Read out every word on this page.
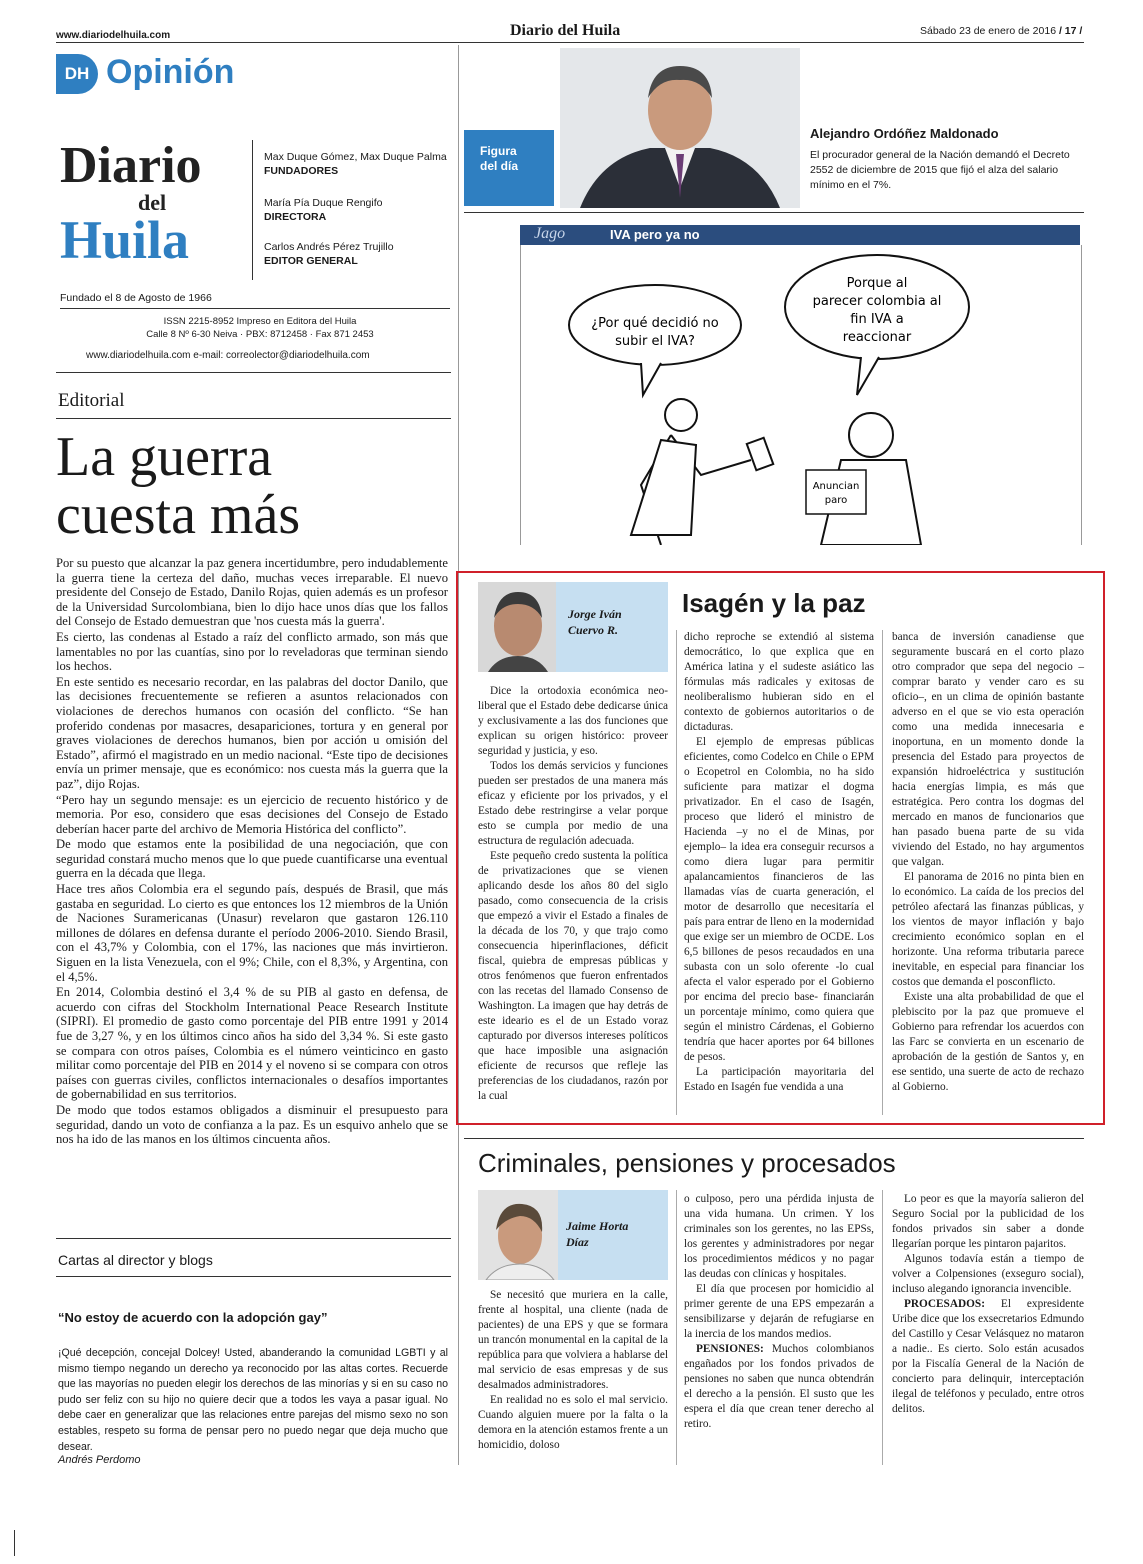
www.diariodelhuila.com	Diario del Huila	Sábado 23 de enero de 2016 / 17 /
DH Opinión
Diario
del
Huila
Max Duque Gómez, Max Duque Palma
FUNDADORES
María Pía Duque Rengifo
DIRECTORA
Carlos Andrés Pérez Trujillo
EDITOR GENERAL
Fundado el 8 de Agosto de 1966
ISSN 2215-8952 Impreso en Editora del Huila
Calle 8 Nº 6-30 Neiva · PBX: 8712458 · Fax 871 2453
www.diariodelhuila.com e-mail: correolector@diariodelhuila.com
Figura
del día
Alejandro Ordóñez Maldonado
El procurador general de la Nación demandó el Decreto 2552 de diciembre de 2015 que fijó el alza del salario mínimo en el 7%.
Jago	IVA pero ya no
¿Por qué decidió no
subir el IVA?
Porque al
parecer colombia al
fin IVA a
reaccionar
Anuncian
paro
Editorial
La guerra
cuesta más

Por su puesto que alcanzar la paz genera incertidumbre, pero indudablemente la guerra tiene la certeza del daño, muchas veces irreparable. El nuevo presidente del Consejo de Estado, Danilo Rojas, quien además es un profesor de la Universidad Surcolombiana, bien lo dijo hace unos días que los fallos del Consejo de Estado demuestran que 'nos cuesta más la guerra'.

Es cierto, las condenas al Estado a raíz del conflicto armado, son más que lamentables no por las cuantías, sino por lo reveladoras que terminan siendo los hechos.

En este sentido es necesario recordar, en las palabras del doctor Danilo, que las decisiones frecuentemente se refieren a asuntos relacionados con violaciones de derechos humanos con ocasión del conflicto. “Se han proferido condenas por masacres, desapariciones, tortura y en general por graves violaciones de derechos humanos, bien por acción u omisión del Estado”, afirmó el magistrado en un medio nacional. “Este tipo de decisiones envía un primer mensaje, que es económico: nos cuesta más la guerra que la paz”, dijo Rojas.

“Pero hay un segundo mensaje: es un ejercicio de recuento histórico y de memoria. Por eso, considero que esas decisiones del Consejo de Estado deberían hacer parte del archivo de Memoria Histórica del conflicto”.

De modo que estamos ente la posibilidad de una negociación, que con seguridad constará mucho menos que lo que puede cuantificarse una eventual guerra en la década que llega.

Hace tres años Colombia era el segundo país, después de Brasil, que más gastaba en seguridad. Lo cierto es que entonces los 12 miembros de la Unión de Naciones Suramericanas (Unasur) revelaron que gastaron 126.110 millones de dólares en defensa durante el período 2006-2010. Siendo Brasil, con el 43,7% y Colombia, con el 17%, las naciones que más invirtieron. Siguen en la lista Venezuela, con el 9%; Chile, con el 8,3%, y Argentina, con el 4,5%.

En 2014, Colombia destinó el 3,4 % de su PIB al gasto en defensa, de acuerdo con cifras del Stockholm International Peace Research Institute (SIPRI). El promedio de gasto como porcentaje del PIB entre 1991 y 2014 fue de 3,27 %, y en los últimos cinco años ha sido del 3,34 %. Si este gasto se compara con otros países, Colombia es el número veinticinco en gasto militar como porcentaje del PIB en 2014 y el noveno si se compara con otros países con guerras civiles, conflictos internacionales o desafíos importantes de gobernabilidad en sus territorios.

De modo que todos estamos obligados a disminuir el presupuesto para seguridad, dando un voto de confianza a la paz. Es un esquivo anhelo que se nos ha ido de las manos en los últimos cincuenta años.

Cartas al director y blogs
“No estoy de acuerdo con la adopción gay”
¡Qué decepción, concejal Dolcey! Usted, abanderando la comunidad LGBTI y al mismo tiempo negando un derecho ya reconocido por las altas cortes. Recuerde que las mayorías no pueden elegir los derechos de las minorías y si en su caso no pudo ser feliz con su hijo no quiere decir que a todos les vaya a pasar igual. No debe caer en generalizar que las relaciones entre parejas del mismo sexo no son estables, respeto su forma de pensar pero no puedo negar que deja mucho que desear.
Andrés Perdomo
Jorge Iván
Cuervo R.
Isagén y la paz

Dice la ortodoxia económica neoliberal que el Estado debe dedicarse única y exclusivamente a las dos funciones que explican su origen histórico: proveer seguridad y justicia, y eso.

Todos los demás servicios y funciones pueden ser prestados de una manera más eficaz y eficiente por los privados, y el Estado debe restringirse a velar porque esto se cumpla por medio de una estructura de regulación adecuada.

Este pequeño credo sustenta la política de privatizaciones que se vienen aplicando desde los años 80 del siglo pasado, como consecuencia de la crisis que empezó a vivir el Estado a finales de la década de los 70, y que trajo como consecuencia hiperinflaciones, déficit fiscal, quiebra de empresas públicas y otros fenómenos que fueron enfrentados con las recetas del llamado Consenso de Washington. La imagen que hay detrás de este ideario es el de un Estado voraz capturado por diversos intereses políticos que hace imposible una asignación eficiente de recursos que refleje las preferencias de los ciudadanos, razón por la cual

dicho reproche se extendió al sistema democrático, lo que explica que en América latina y el sudeste asiático las fórmulas más radicales y exitosas de neoliberalismo hubieran sido en el contexto de gobiernos autoritarios o de dictaduras.

El ejemplo de empresas públicas eficientes, como Codelco en Chile o EPM o Ecopetrol en Colombia, no ha sido suficiente para matizar el dogma privatizador. En el caso de Isagén, proceso que lideró el ministro de Hacienda –y no el de Minas, por ejemplo– la idea era conseguir recursos a como diera lugar para permitir apalancamientos financieros de las llamadas vías de cuarta generación, el motor de desarrollo que necesitaría el país para entrar de lleno en la modernidad que exige ser un miembro de OCDE. Los 6,5 billones de pesos recaudados en una subasta con un solo oferente -lo cual afecta el valor esperado por el Gobierno por encima del precio base- financiarán un porcentaje mínimo, como quiera que según el ministro Cárdenas, el Gobierno tendría que hacer aportes por 64 billones de pesos.

La participación mayoritaria del Estado en Isagén fue vendida a una

banca de inversión canadiense que seguramente buscará en el corto plazo otro comprador que sepa del negocio –comprar barato y vender caro es su oficio–, en un clima de opinión bastante adverso en el que se vio esta operación como una medida innecesaria e inoportuna, en un momento donde la presencia del Estado para proyectos de expansión hidroeléctrica y sustitución hacia energías limpia, es más que estratégica. Pero contra los dogmas del mercado en manos de funcionarios que han pasado buena parte de su vida viviendo del Estado, no hay argumentos que valgan.

El panorama de 2016 no pinta bien en lo económico. La caída de los precios del petróleo afectará las finanzas públicas, y los vientos de mayor inflación y bajo crecimiento económico soplan en el horizonte. Una reforma tributaria parece inevitable, en especial para financiar los costos que demanda el posconflicto.

Existe una alta probabilidad de que el plebiscito por la paz que promueve el Gobierno para refrendar los acuerdos con las Farc se convierta en un escenario de aprobación de la gestión de Santos y, en ese sentido, una suerte de acto de rechazo al Gobierno.

Criminales, pensiones y procesados
Jaime Horta
Díaz

Se necesitó que muriera en la calle, frente al hospital, una cliente (nada de pacientes) de una EPS y que se formara un trancón monumental en la capital de la república para que volviera a hablarse del mal servicio de esas empresas y de sus desalmados administradores.

En realidad no es solo el mal servicio. Cuando alguien muere por la falta o la demora en la atención estamos frente a un homicidio, doloso

o culposo, pero una pérdida injusta de una vida humana. Un crimen. Y los criminales son los gerentes, no las EPSs, los gerentes y administradores por negar los procedimientos médicos y no pagar las deudas con clínicas y hospitales.

El día que procesen por homicidio al primer gerente de una EPS empezarán a sensibilizarse y dejarán de refugiarse en la inercia de los mandos medios.

PENSIONES: Muchos colombianos engañados por los fondos privados de pensiones no saben que nunca obtendrán el derecho a la pensión. El susto que les espera el día que crean tener derecho al retiro.

Lo peor es que la mayoría salieron del Seguro Social por la publicidad de los fondos privados sin saber a donde llegarían porque les pintaron pajaritos.

Algunos todavía están a tiempo de volver a Colpensiones (exseguro social), incluso alegando ignorancia invencible.

PROCESADOS: El expresidente Uribe dice que los exsecretarios Edmundo del Castillo y Cesar Velásquez no mataron a nadie.. Es cierto. Solo están acusados por la Fiscalía General de la Nación de concierto para delinquir, interceptación ilegal de teléfonos y peculado, entre otros delitos.
